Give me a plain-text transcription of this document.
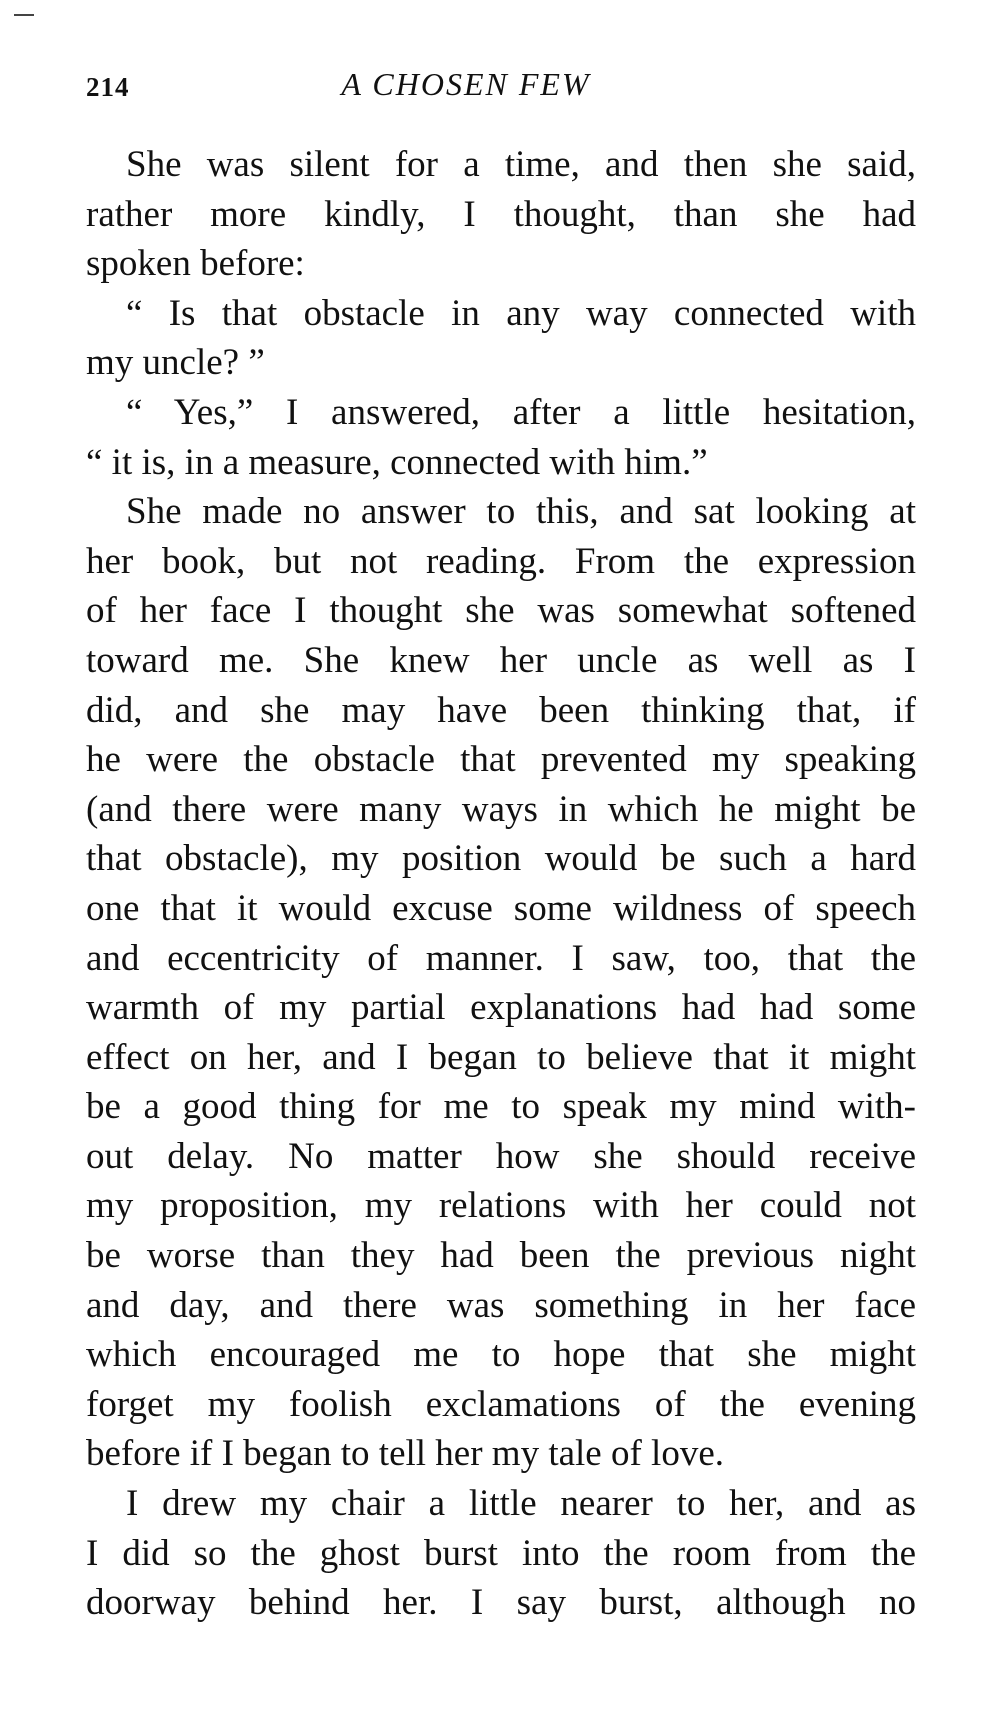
214	A CHOSEN FEW
She was silent for a time, and then she said,
rather more kindly, I thought, than she had
spoken before:
“ Is that obstacle in any way connected with
my uncle? ”
“ Yes,” I answered, after a little hesitation,
“ it is, in a measure, connected with him.”
She made no answer to this, and sat looking at
her book, but not reading. From the expression
of her face I thought she was somewhat softened
toward me. She knew her uncle as well as I
did, and she may have been thinking that, if
he were the obstacle that prevented my speaking
(and there were many ways in which he might be
that obstacle), my position would be such a hard
one that it would excuse some wildness of speech
and eccentricity of manner. I saw, too, that the
warmth of my partial explanations had had some
effect on her, and I began to believe that it might
be a good thing for me to speak my mind with-
out delay. No matter how she should receive
my proposition, my relations with her could not
be worse than they had been the previous night
and day, and there was something in her face
which encouraged me to hope that she might
forget my foolish exclamations of the evening
before if I began to tell her my tale of love.
I drew my chair a little nearer to her, and as
I did so the ghost burst into the room from the
doorway behind her. I say burst, although no
